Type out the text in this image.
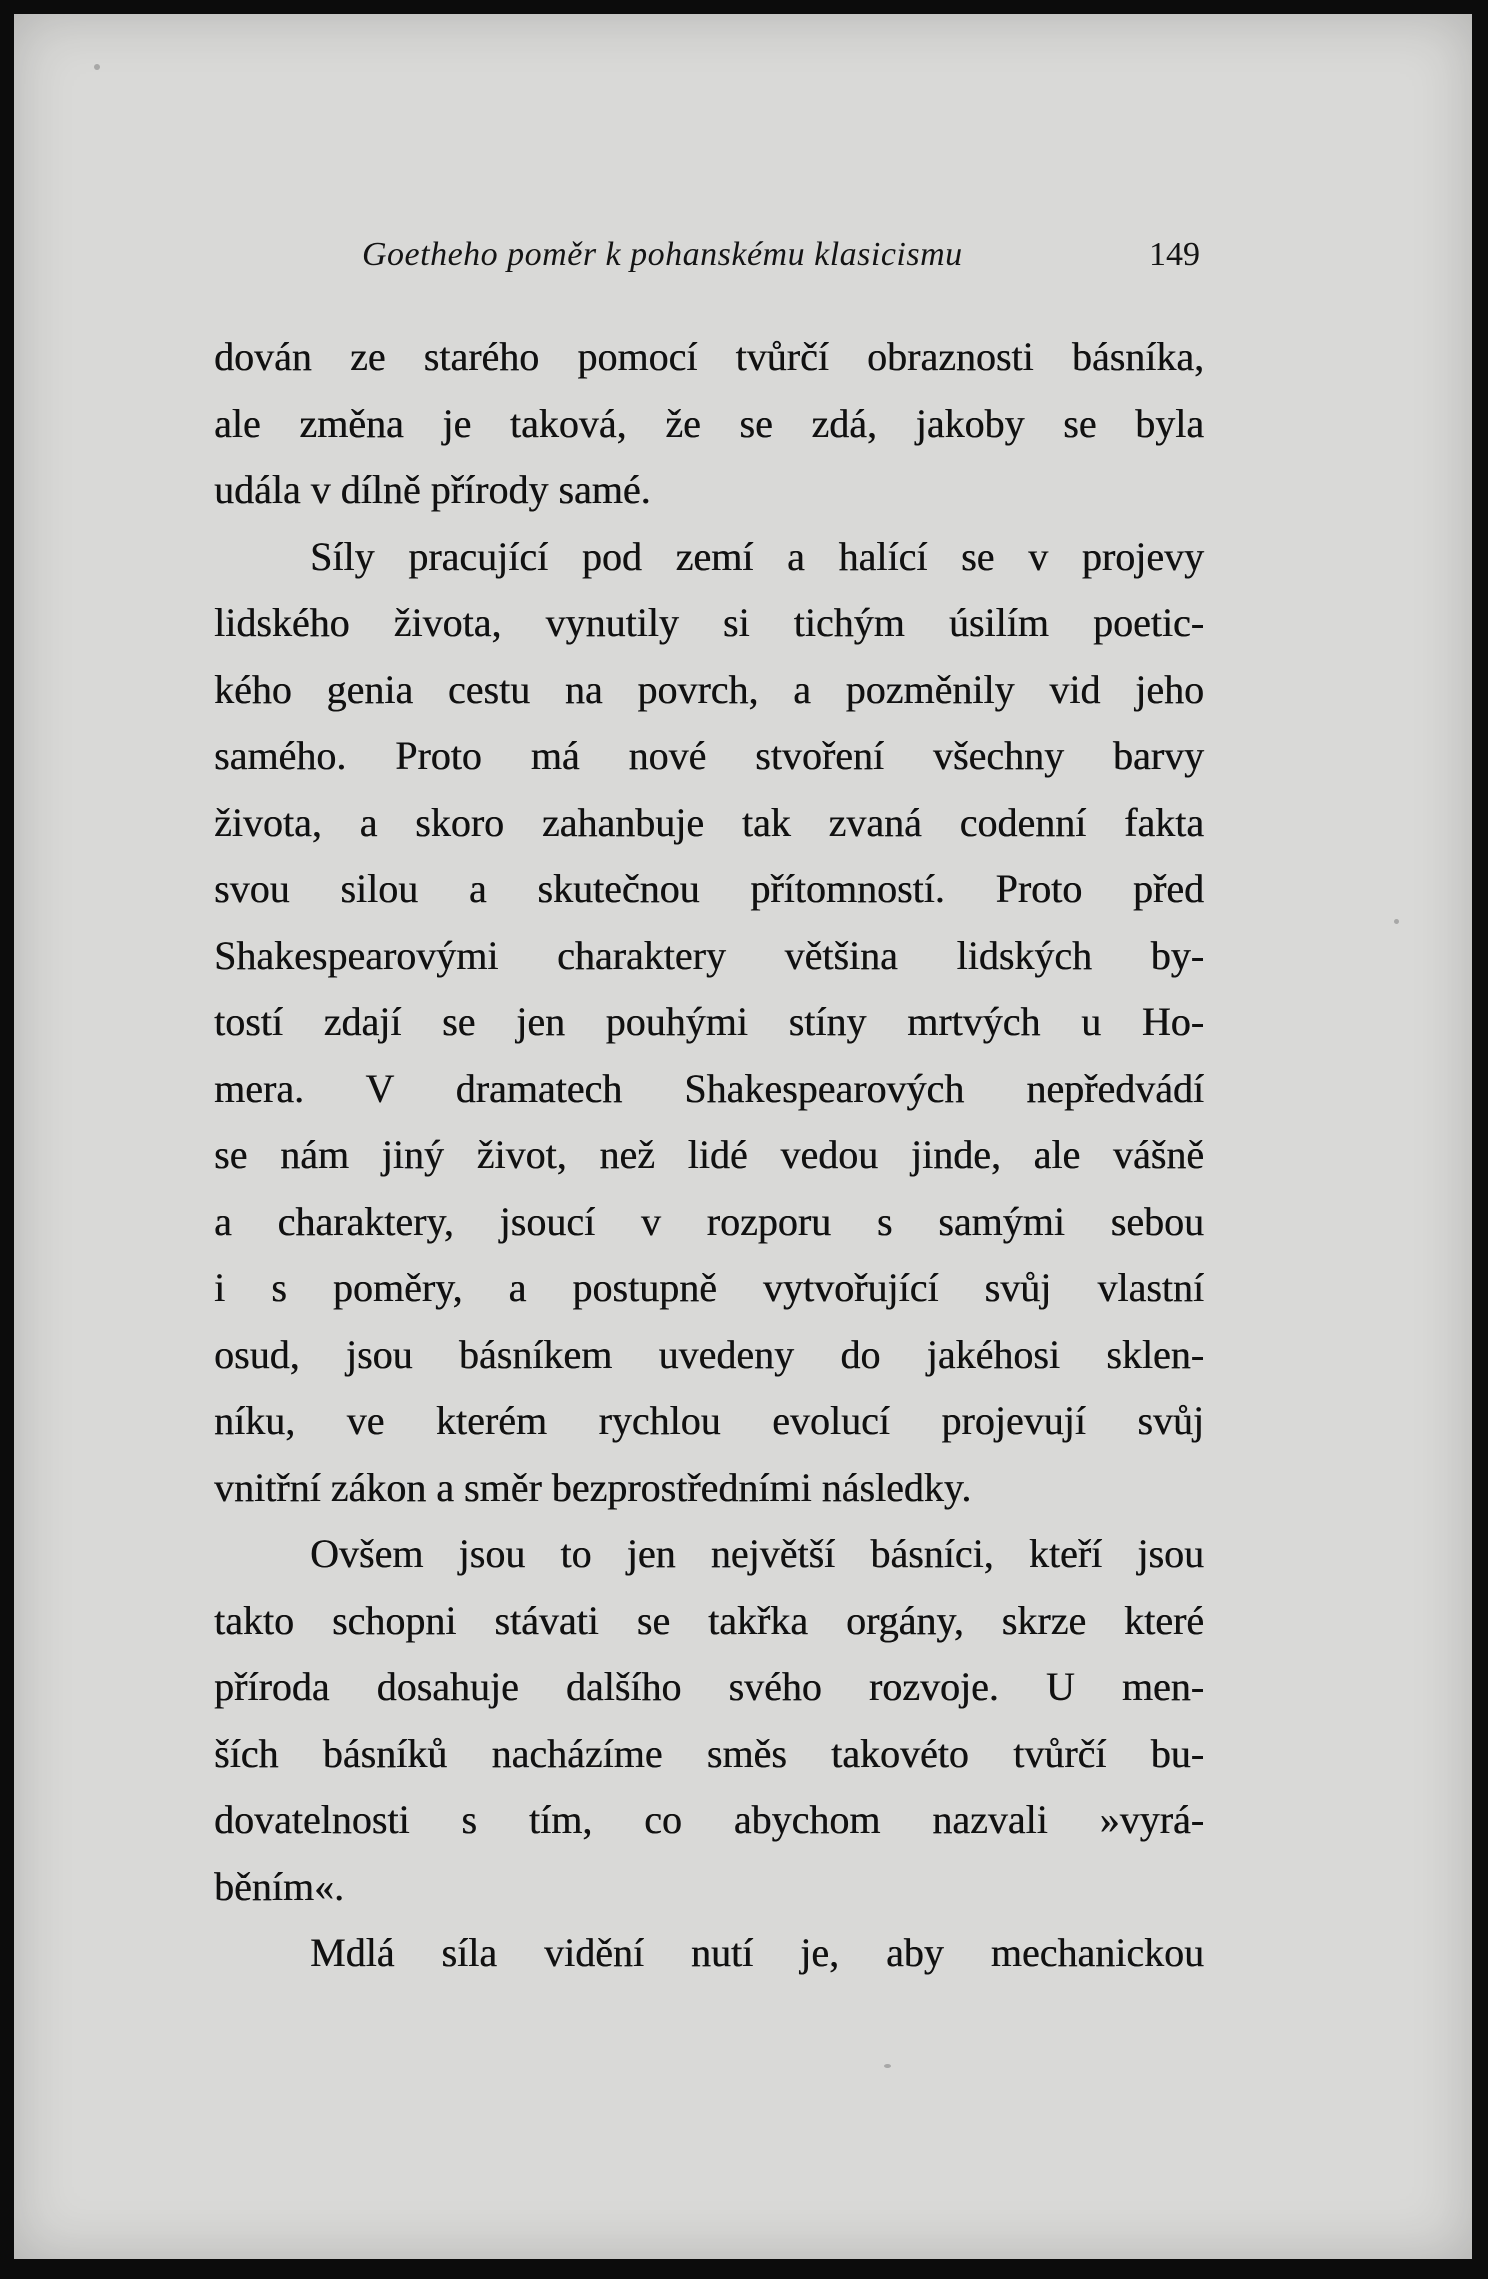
Goetheho poměr k pohanskému klasicismu	149
dován ze starého pomocí tvůrčí obraznosti básníka,
ale změna je taková, že se zdá, jakoby se byla
udála v dílně přírody samé.
Síly pracující pod zemí a halící se v projevy
lidského života, vynutily si tichým úsilím poetic-
kého genia cestu na povrch, a pozměnily vid jeho
samého. Proto má nové stvoření všechny barvy
života, a skoro zahanbuje tak zvaná codenní fakta
svou silou a skutečnou přítomností. Proto před
Shakespearovými charaktery většina lidských by-
tostí zdají se jen pouhými stíny mrtvých u Ho-
mera. V dramatech Shakespearových nepředvádí
se nám jiný život, než lidé vedou jinde, ale vášně
a charaktery, jsoucí v rozporu s samými sebou
i s poměry, a postupně vytvořující svůj vlastní
osud, jsou básníkem uvedeny do jakéhosi sklen-
níku, ve kterém rychlou evolucí projevují svůj
vnitřní zákon a směr bezprostředními následky.
Ovšem jsou to jen největší básníci, kteří jsou
takto schopni stávati se takřka orgány, skrze které
příroda dosahuje dalšího svého rozvoje. U men-
ších básníků nacházíme směs takovéto tvůrčí bu-
dovatelnosti s tím, co abychom nazvali »vyrá-
běním«.
Mdlá síla vidění nutí je, aby mechanickou
